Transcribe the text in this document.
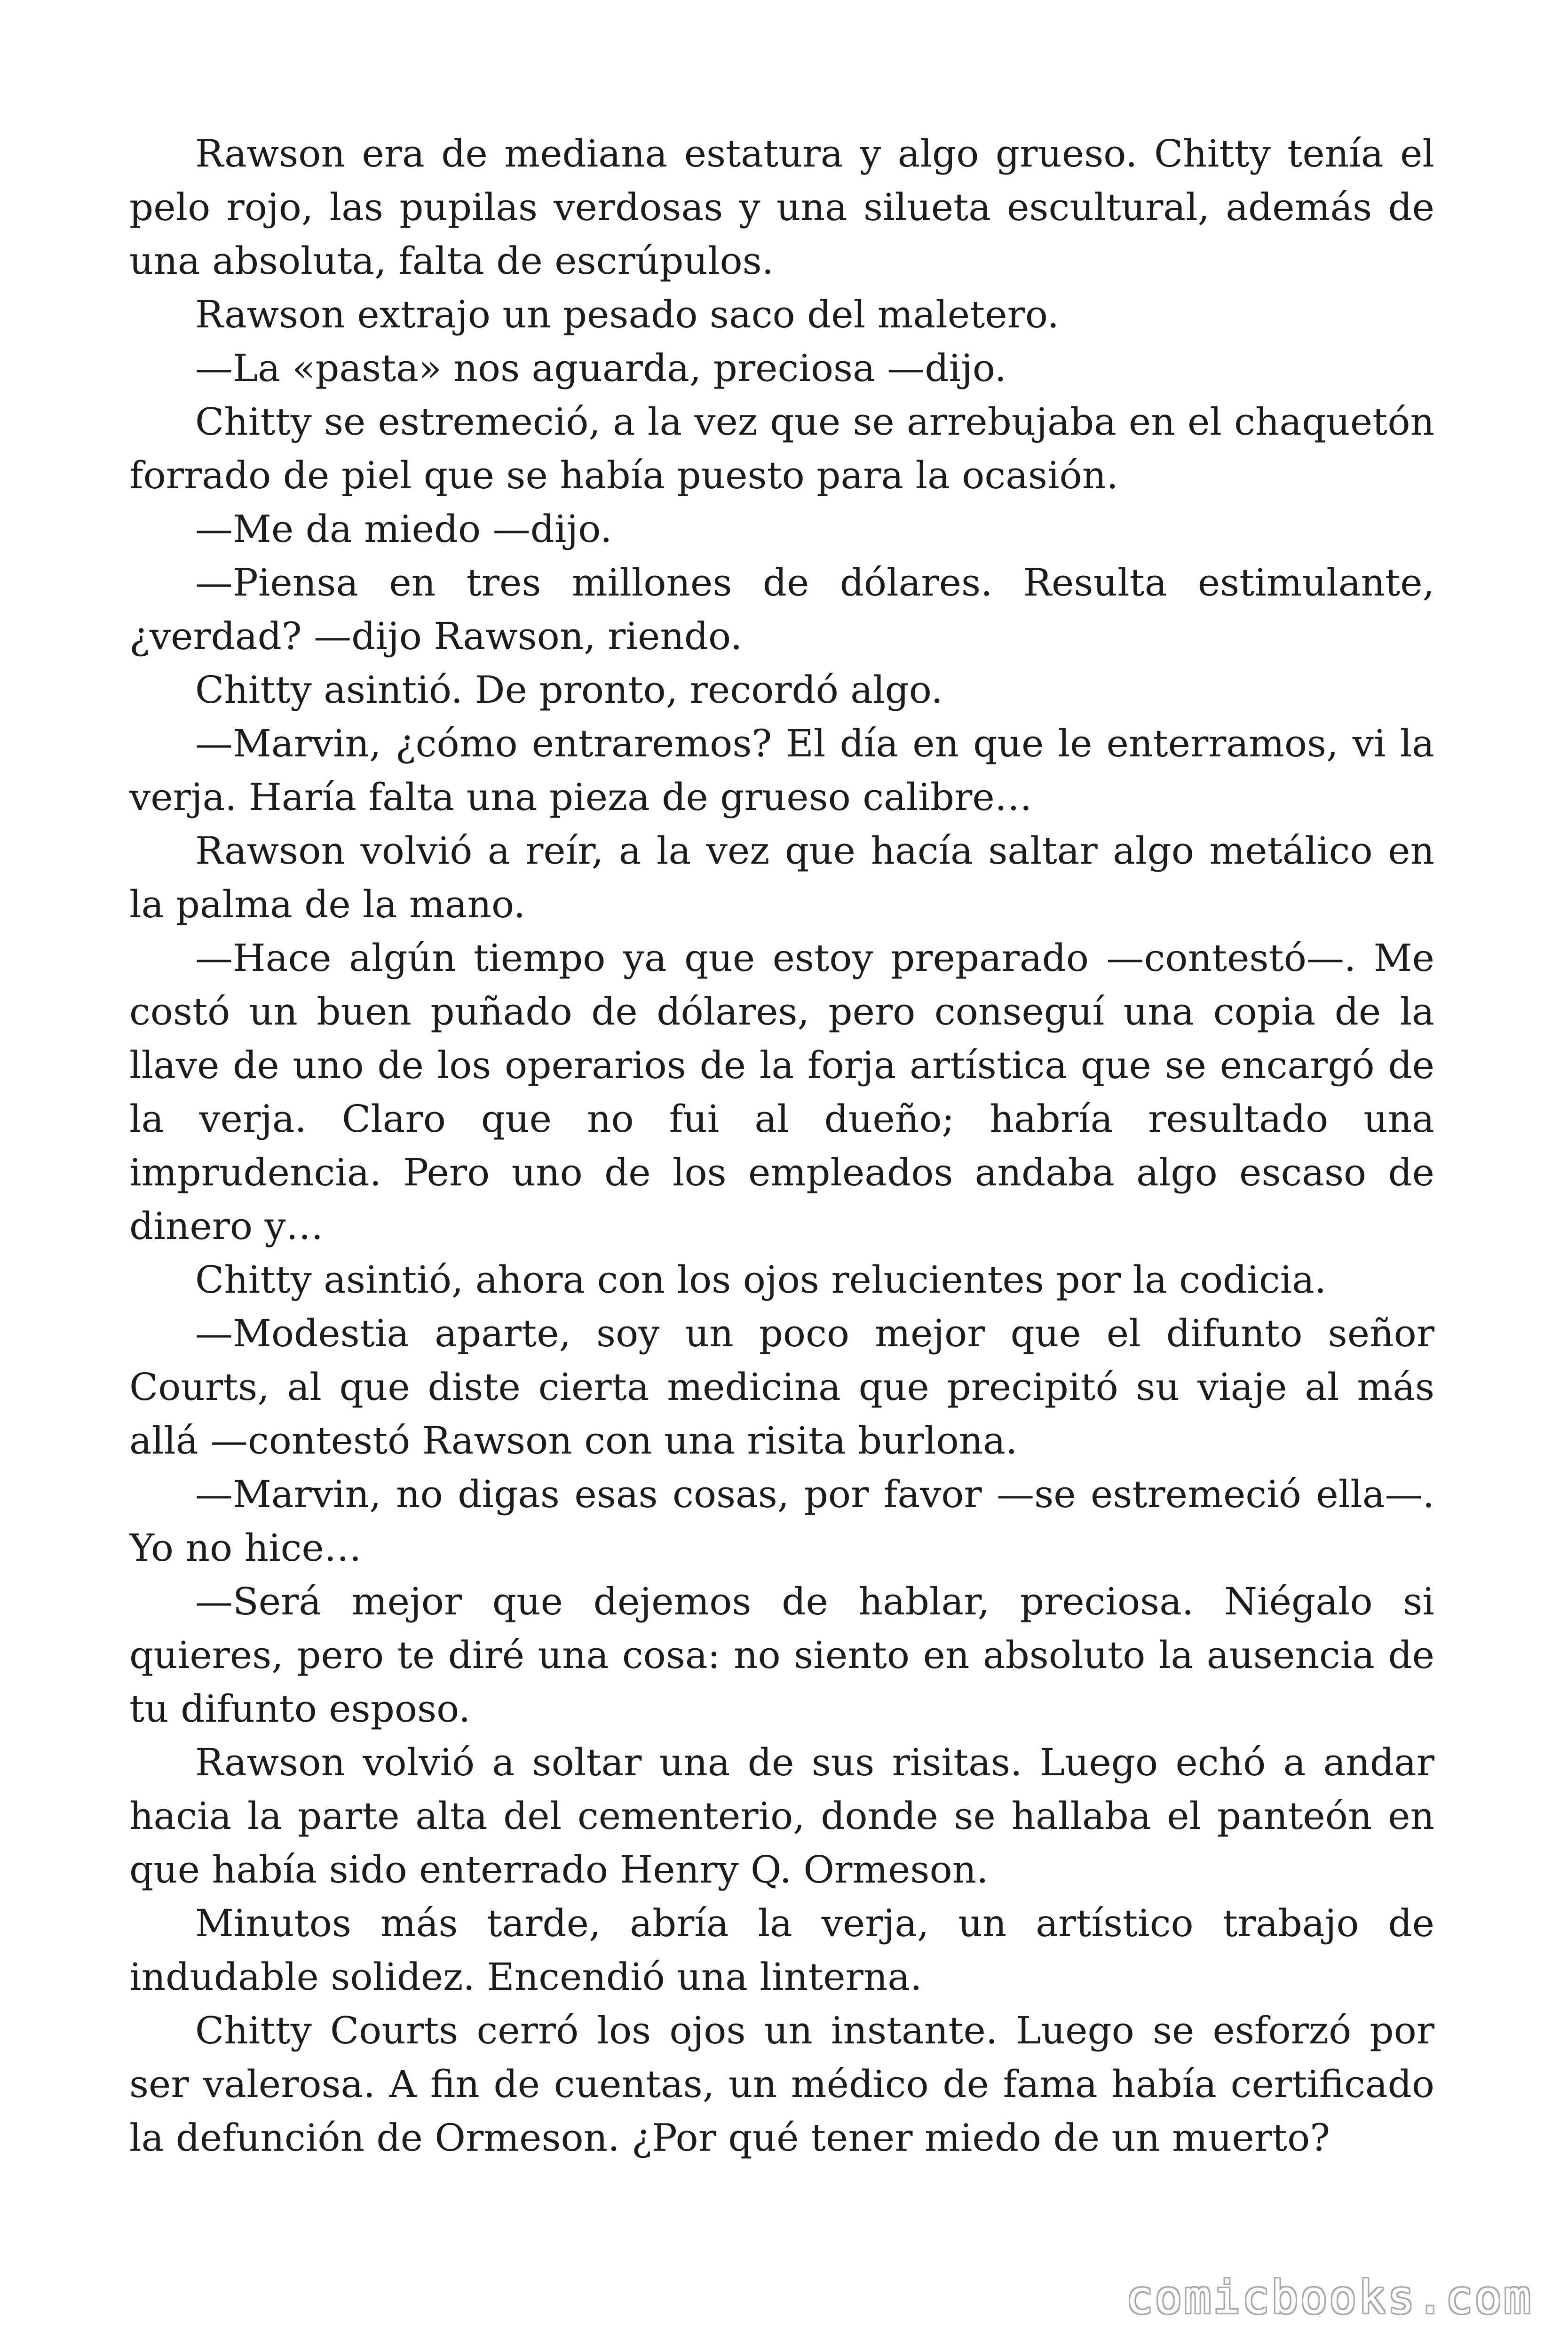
Rawson era de mediana estatura y algo grueso. Chitty tenía el pelo rojo, las pupilas verdosas y una silueta escultural, además de una absoluta, falta de escrúpulos.

Rawson extrajo un pesado saco del maletero.

—La «pasta» nos aguarda, preciosa —dijo.

Chitty se estremeció, a la vez que se arrebujaba en el chaquetón forrado de piel que se había puesto para la ocasión.

—Me da miedo —dijo.

—Piensa en tres millones de dólares. Resulta estimulante, ¿verdad? —dijo Rawson, riendo.

Chitty asintió. De pronto, recordó algo.

—Marvin, ¿cómo entraremos? El día en que le enterramos, vi la verja. Haría falta una pieza de grueso calibre…

Rawson volvió a reír, a la vez que hacía saltar algo metálico en la palma de la mano.

—Hace algún tiempo ya que estoy preparado —contestó—. Me costó un buen puñado de dólares, pero conseguí una copia de la llave de uno de los operarios de la forja artística que se encargó de la verja. Claro que no fui al dueño; habría resultado una imprudencia. Pero uno de los empleados andaba algo escaso de dinero y…

Chitty asintió, ahora con los ojos relucientes por la codicia.

—Modestia aparte, soy un poco mejor que el difunto señor Courts, al que diste cierta medicina que precipitó su viaje al más allá —contestó Rawson con una risita burlona.

—Marvin, no digas esas cosas, por favor —se estremeció ella—. Yo no hice…

—Será mejor que dejemos de hablar, preciosa. Niégalo si quieres, pero te diré una cosa: no siento en absoluto la ausencia de tu difunto esposo.

Rawson volvió a soltar una de sus risitas. Luego echó a andar hacia la parte alta del cementerio, donde se hallaba el panteón en que había sido enterrado Henry Q. Ormeson.

Minutos más tarde, abría la verja, un artístico trabajo de indudable solidez. Encendió una linterna.

Chitty Courts cerró los ojos un instante. Luego se esforzó por ser valerosa. A fin de cuentas, un médico de fama había certificado la defunción de Ormeson. ¿Por qué tener miedo de un muerto?

comicbooks.com
